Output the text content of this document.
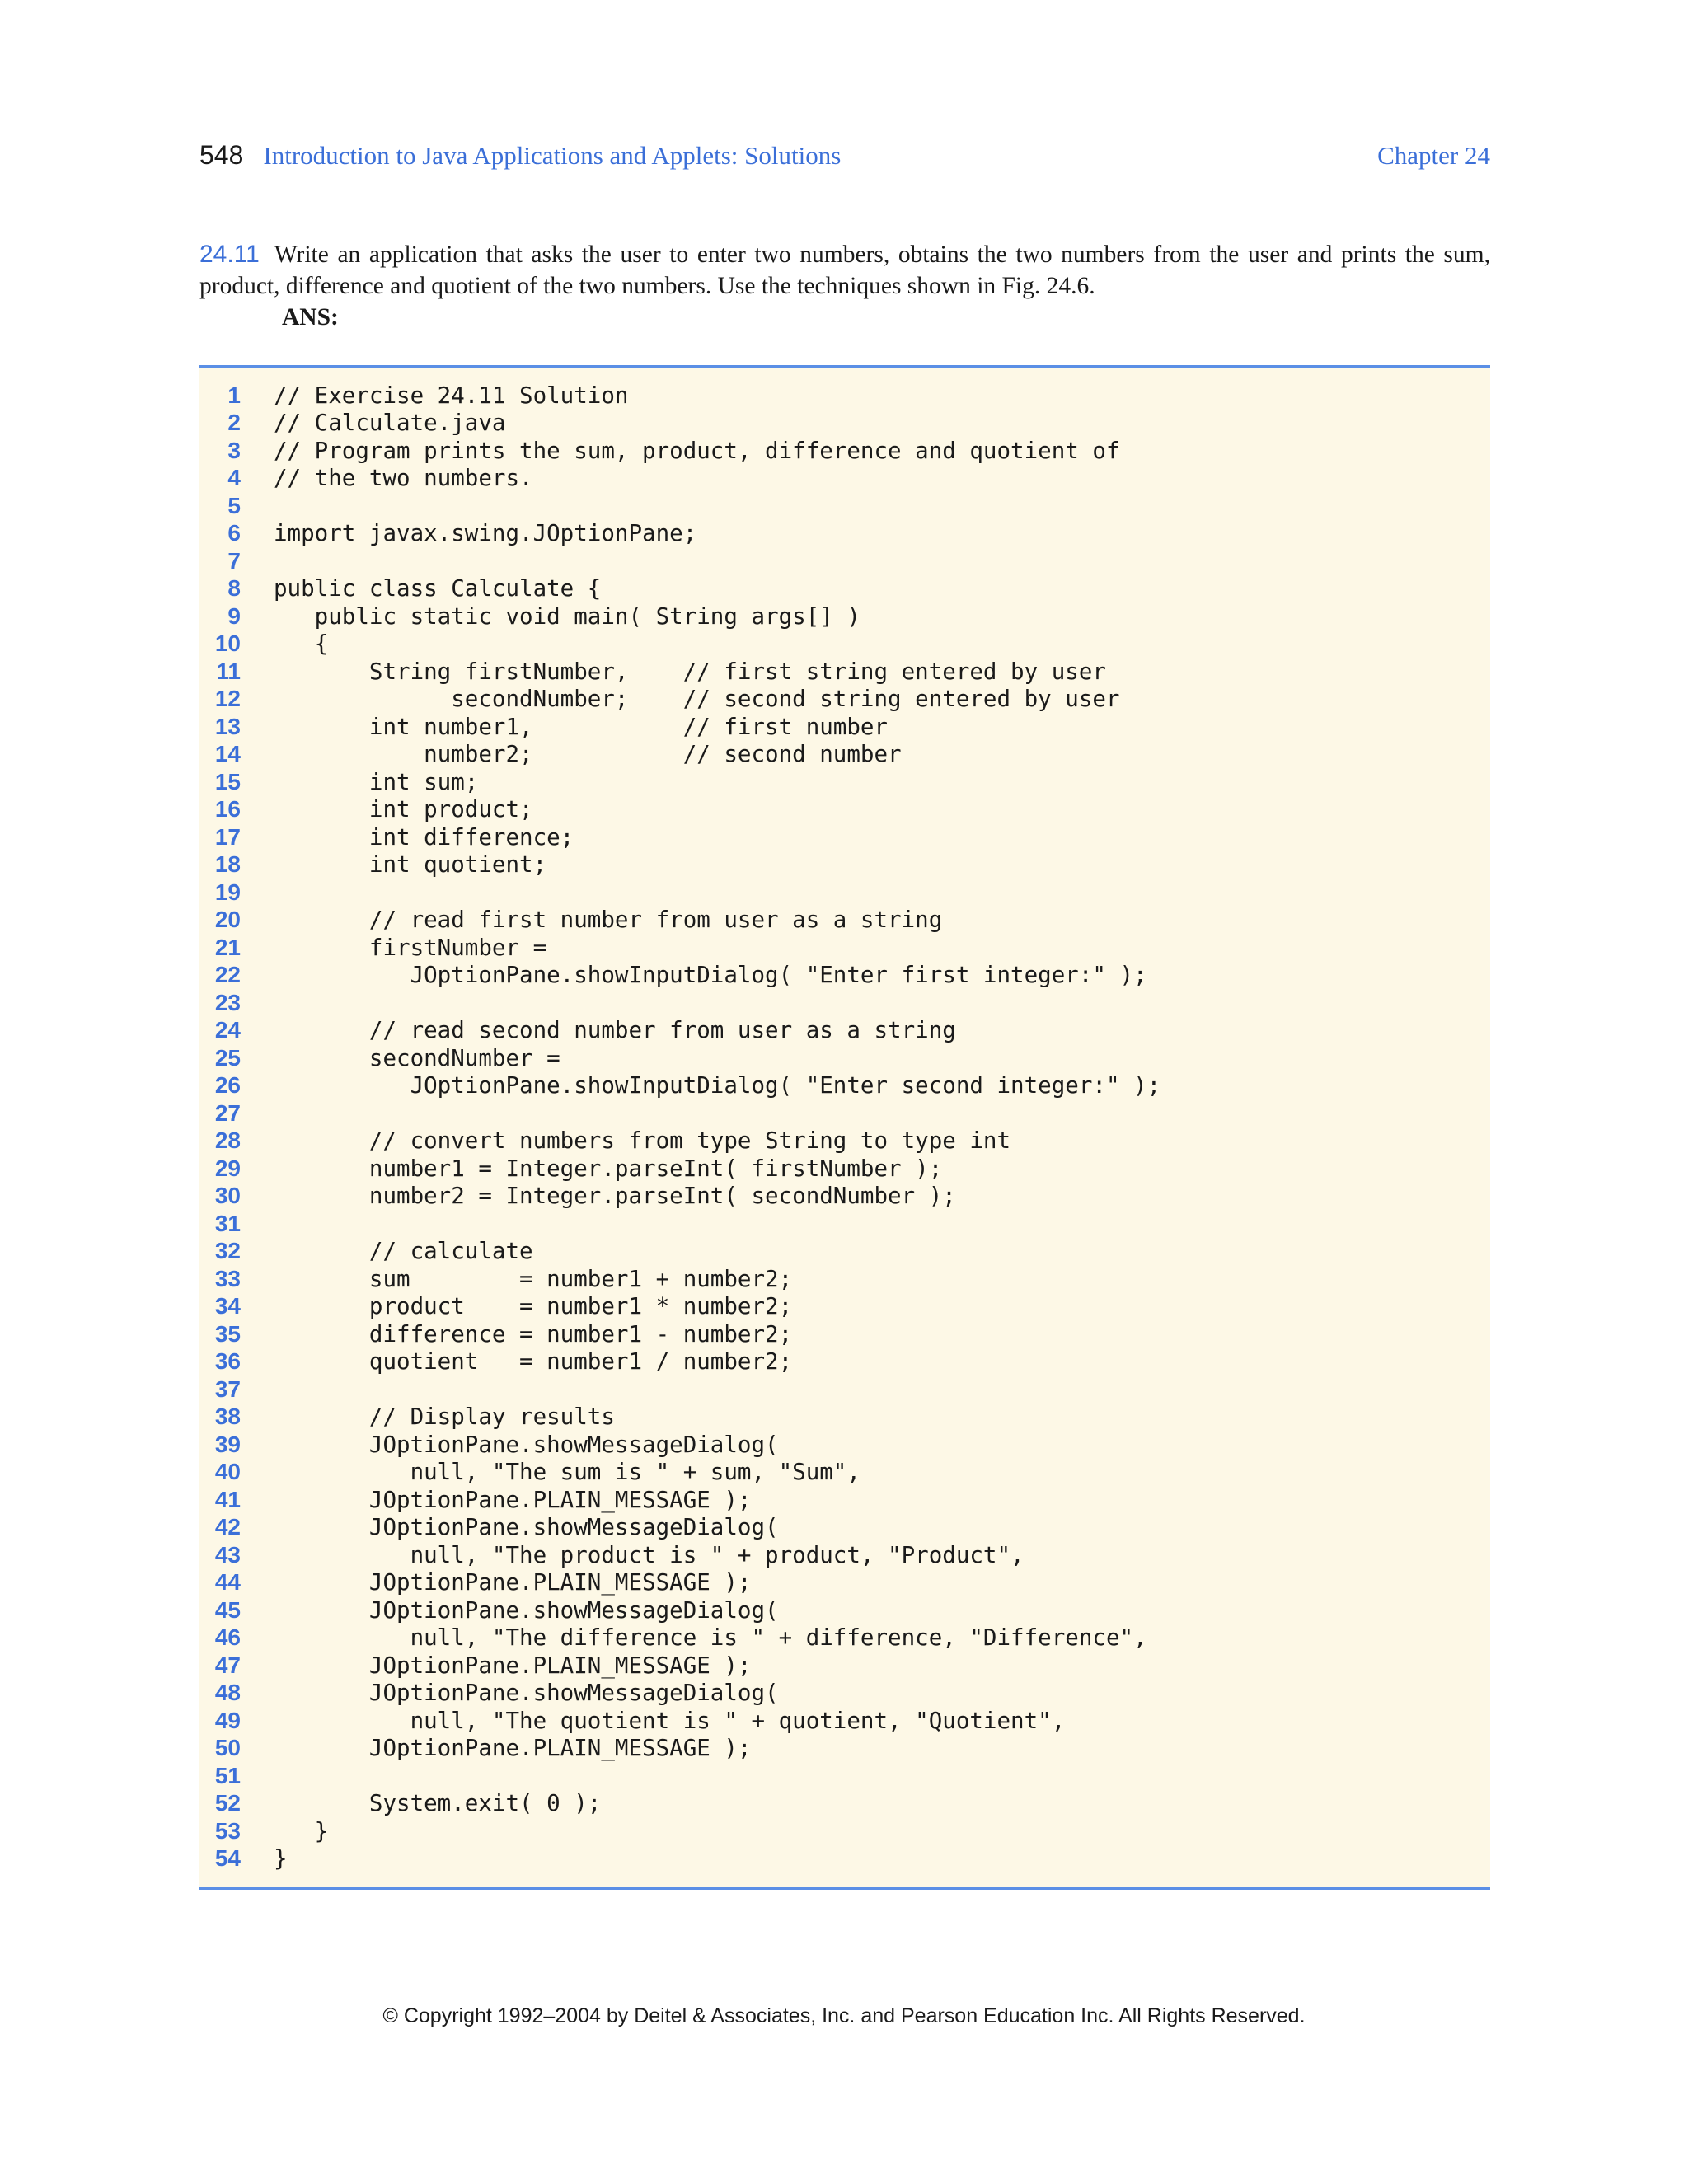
548 Introduction to Java Applications and Applets: Solutions	Chapter 24
24.11 Write an application that asks the user to enter two numbers, obtains the two numbers from the user and prints the sum, product, difference and quotient of the two numbers. Use the techniques shown in Fig. 24.6.
ANS:
1 // Exercise 24.11 Solution
2 // Calculate.java
3 // Program prints the sum, product, difference and quotient of
4 // the two numbers.
5
6 import javax.swing.JOptionPane;
7
8 public class Calculate {
9 public static void main( String args[] )
10 {
11 String firstNumber,    // first string entered by user
12 secondNumber;    // second string entered by user
13 int number1,           // first number
14 number2;           // second number
15 int sum;
16 int product;
17 int difference;
18 int quotient;
19
20 // read first number from user as a string
21 firstNumber =
22 JOptionPane.showInputDialog( "Enter first integer:" );
23
24 // read second number from user as a string
25 secondNumber =
26 JOptionPane.showInputDialog( "Enter second integer:" );
27
28 // convert numbers from type String to type int
29 number1 = Integer.parseInt( firstNumber );
30 number2 = Integer.parseInt( secondNumber );
31
32 // calculate
33 sum        = number1 + number2;
34 product    = number1 * number2;
35 difference = number1 - number2;
36 quotient   = number1 / number2;
37
38 // Display results
39 JOptionPane.showMessageDialog(
40 null, "The sum is " + sum, "Sum",
41 JOptionPane.PLAIN_MESSAGE );
42 JOptionPane.showMessageDialog(
43 null, "The product is " + product, "Product",
44 JOptionPane.PLAIN_MESSAGE );
45 JOptionPane.showMessageDialog(
46 null, "The difference is " + difference, "Difference",
47 JOptionPane.PLAIN_MESSAGE );
48 JOptionPane.showMessageDialog(
49 null, "The quotient is " + quotient, "Quotient",
50 JOptionPane.PLAIN_MESSAGE );
51
52 System.exit( 0 );
53 }
54 }
© Copyright 1992–2004 by Deitel & Associates, Inc. and Pearson Education Inc. All Rights Reserved.
